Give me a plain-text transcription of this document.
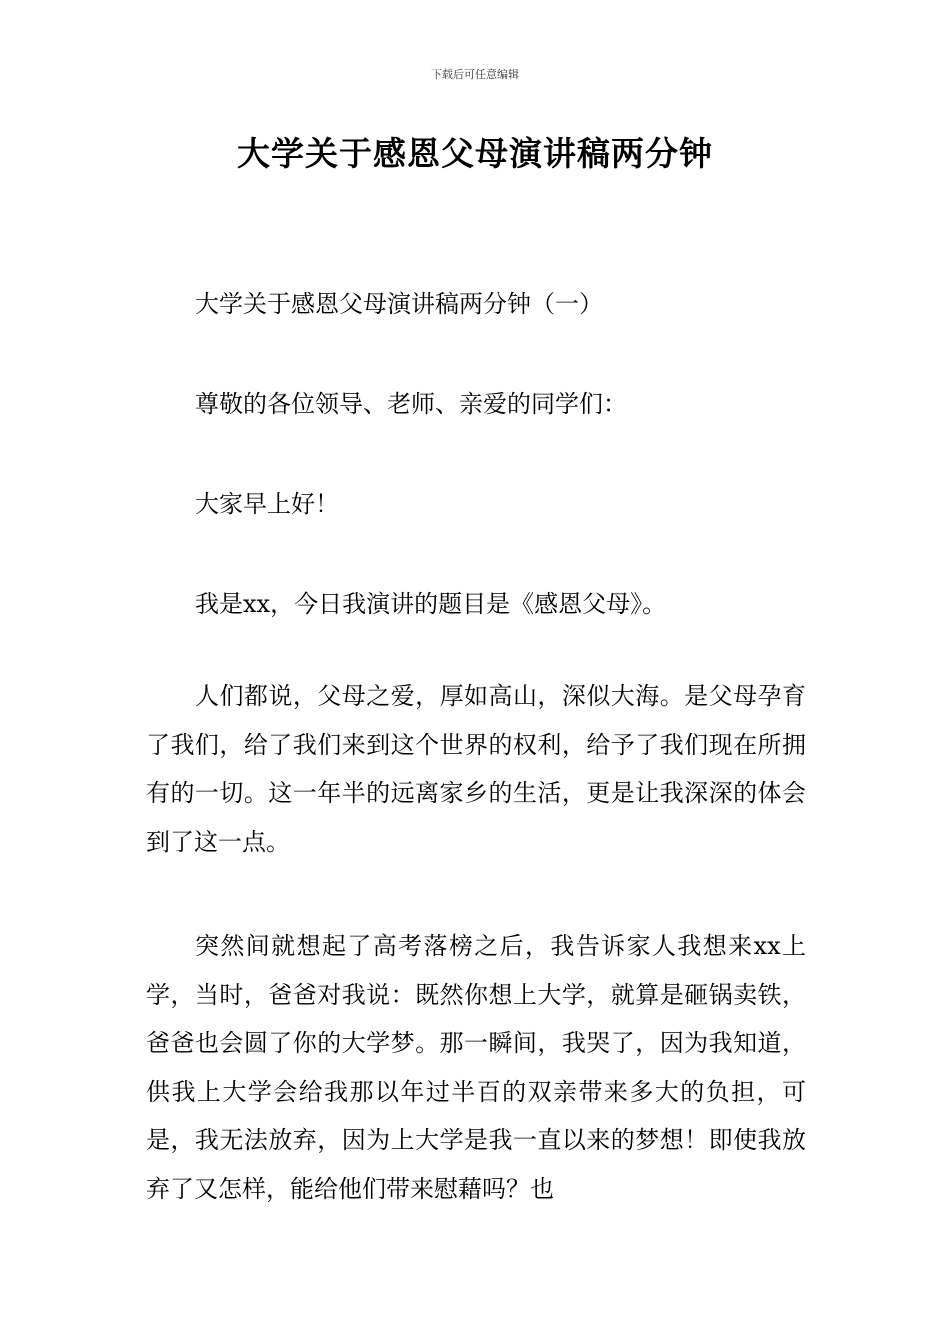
下载后可任意编辑
大学关于感恩父母演讲稿两分钟

大学关于感恩父母演讲稿两分钟（一）

尊敬的各位领导、老师、亲爱的同学们：

大家早上好！

我是xx，今日我演讲的题目是《感恩父母》。

人们都说，父母之爱，厚如高山，深似大海。是父母孕育了我们，给了我们来到这个世界的权利，给予了我们现在所拥有的一切。这一年半的远离家乡的生活，更是让我深深的体会到了这一点。

突然间就想起了高考落榜之后，我告诉家人我想来xx上学，当时，爸爸对我说：既然你想上大学，就算是砸锅卖铁，爸爸也会圆了你的大学梦。那一瞬间，我哭了，因为我知道，供我上大学会给我那以年过半百的双亲带来多大的负担，可是，我无法放弃，因为上大学是我一直以来的梦想！即使我放弃了又怎样，能给他们带来慰藉吗？也
